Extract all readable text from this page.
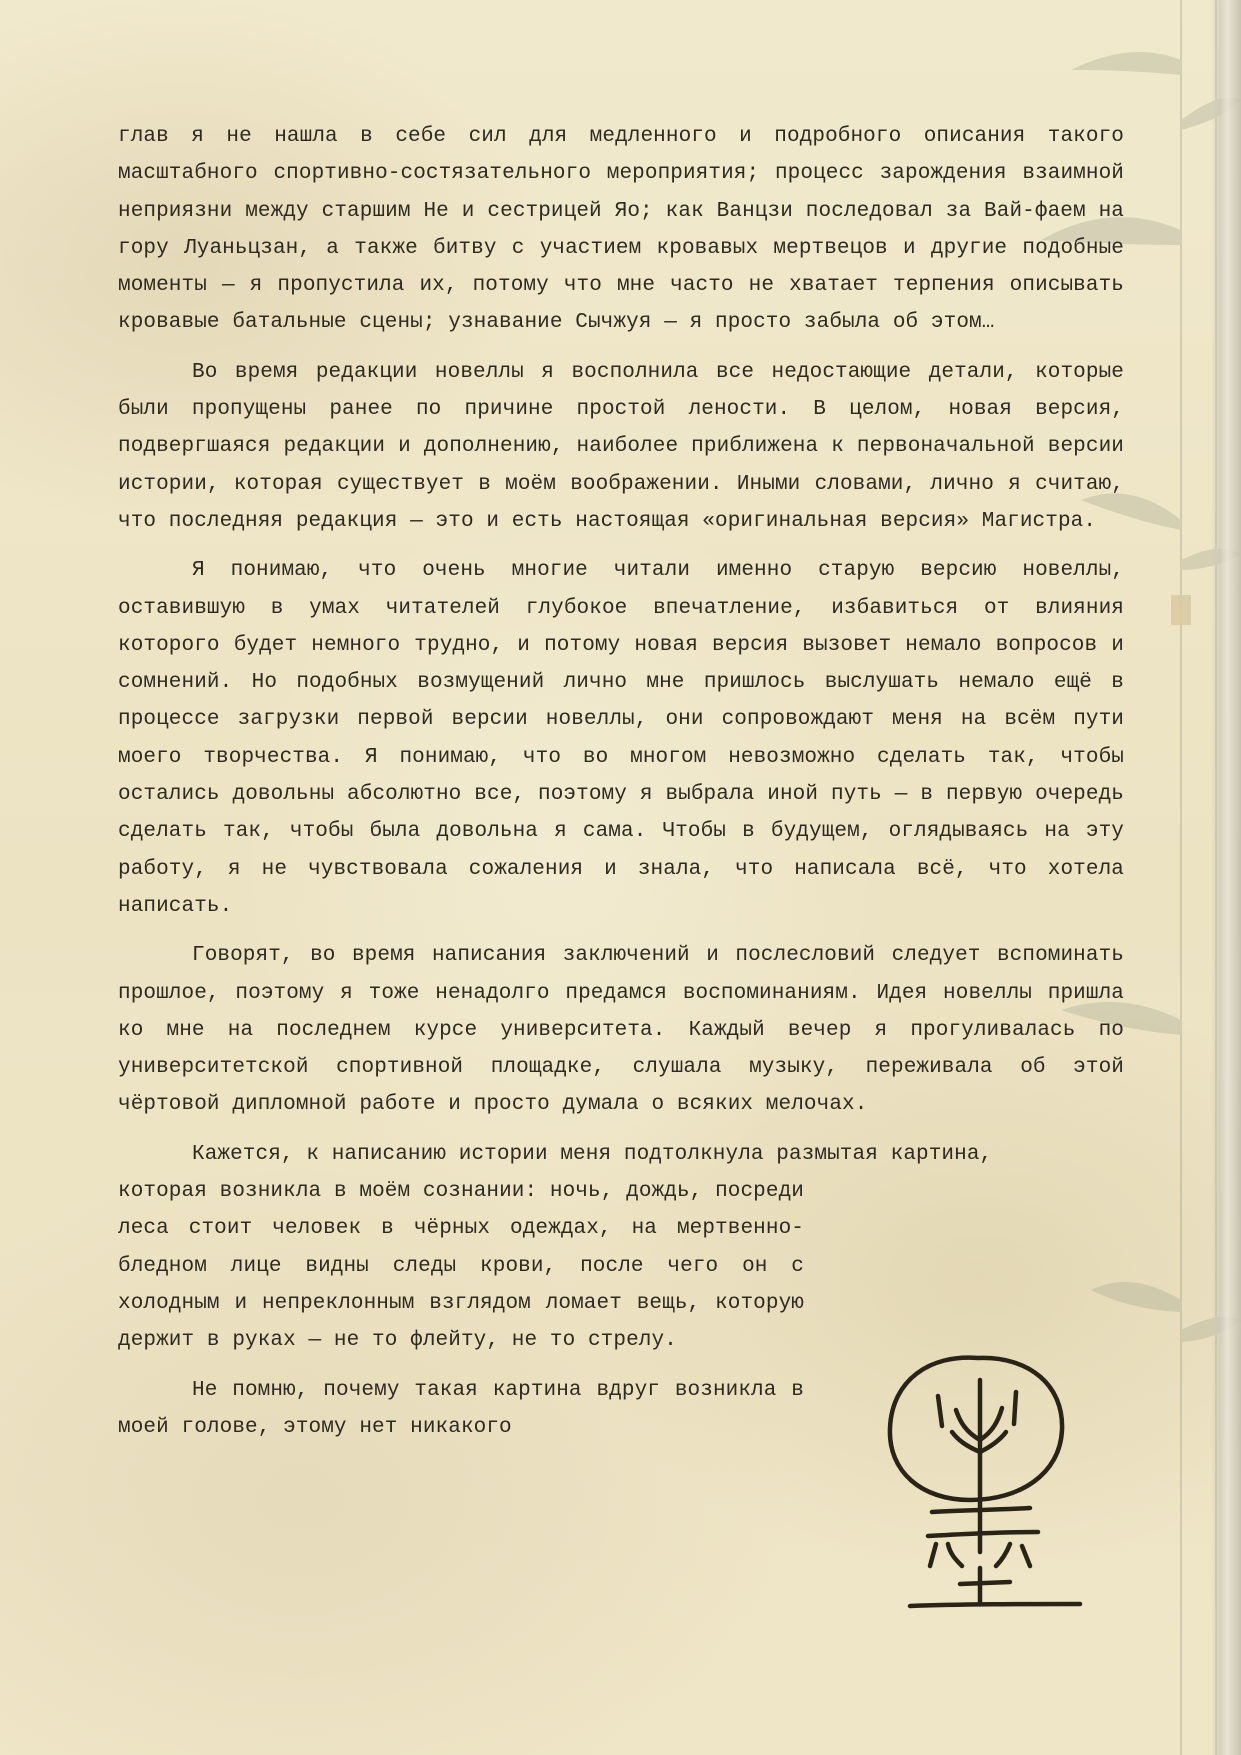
глав я не нашла в себе сил для медленного и подробного описания такого масштабного спортивно-состязательного мероприятия; процесс зарождения взаимной неприязни между старшим Не и сестрицей Яо; как Ванцзи последовал за Вай-фаем на гору Луаньцзан, а также битву с участием кровавых мертвецов и другие подобные моменты — я пропустила их, потому что мне часто не хватает терпения описывать кровавые батальные сцены; узнавание Сычжуя — я просто забыла об этом…

Во время редакции новеллы я восполнила все недостающие детали, которые были пропущены ранее по причине простой лености. В целом, новая версия, подвергшаяся редакции и дополнению, наиболее приближена к первоначальной версии истории, которая существует в моём воображении. Иными словами, лично я считаю, что последняя редакция — это и есть настоящая «оригинальная версия» Магистра.

Я понимаю, что очень многие читали именно старую версию новеллы, оставившую в умах читателей глубокое впечатление, избавиться от влияния которого будет немного трудно, и потому новая версия вызовет немало вопросов и сомнений. Но подобных возмущений лично мне пришлось выслушать немало ещё в процессе загрузки первой версии новеллы, они сопровождают меня на всём пути моего творчества. Я понимаю, что во многом невозможно сделать так, чтобы остались довольны абсолютно все, поэтому я выбрала иной путь — в первую очередь сделать так, чтобы была довольна я сама. Чтобы в будущем, оглядываясь на эту работу, я не чувствовала сожаления и знала, что написала всё, что хотела написать.

Говорят, во время написания заключений и послесловий следует вспоминать прошлое, поэтому я тоже ненадолго предамся воспоминаниям. Идея новеллы пришла ко мне на последнем курсе университета. Каждый вечер я прогуливалась по университетской спортивной площадке, слушала музыку, переживала об этой чёртовой дипломной работе и просто думала о всяких мелочах.

Кажется, к написанию истории меня подтолкнула размытая картина,

которая возникла в моём сознании: ночь, дождь, посреди леса стоит человек в чёрных одеждах, на мертвенно-бледном лице видны следы крови, после чего он с холодным и непреклонным взглядом ломает вещь, которую держит в руках — не то флейту, не то стрелу.

Не помню, почему такая картина вдруг возникла в моей голове, этому нет никакого
